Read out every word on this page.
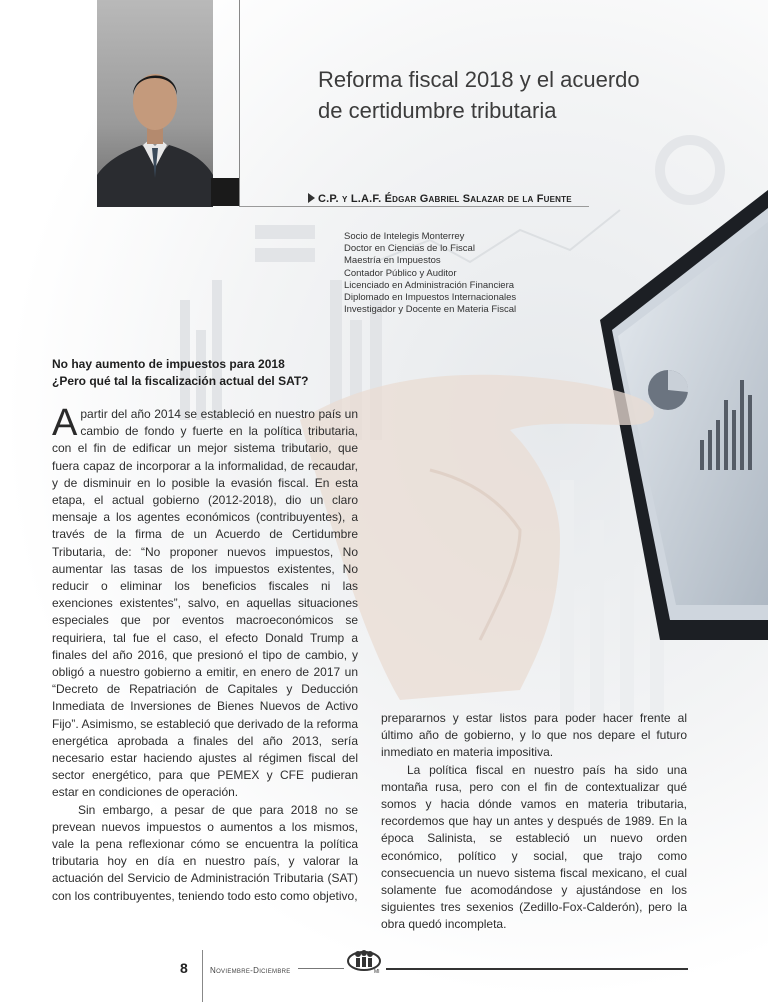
Reforma fiscal 2018 y el acuerdo
de certidumbre tributaria
C.P. y L.A.F. Édgar Gabriel Salazar de la Fuente
Socio de Intelegis Monterrey
Doctor en Ciencias de lo Fiscal
Maestría en Impuestos
Contador Público y Auditor
Licenciado en Administración Financiera
Diplomado en Impuestos Internacionales
Investigador y Docente en Materia Fiscal
No hay aumento de impuestos para 2018
¿Pero qué tal la fiscalización actual del SAT?

Apartir del año 2014 se estableció en nuestro país un cambio de fondo y fuerte en la política tributaria, con el fin de edificar un mejor sistema tributario, que fuera capaz de incorporar a la informalidad, de recaudar, y de disminuir en lo posible la evasión fiscal. En esta etapa, el actual gobierno (2012-2018), dio un claro mensaje a los agentes económicos (contribuyentes), a través de la firma de un Acuerdo de Certidumbre Tributaria, de: “No proponer nuevos impuestos, No aumentar las tasas de los impuestos existentes, No reducir o eliminar los beneficios fiscales ni las exenciones existentes”, salvo, en aquellas situaciones especiales que por eventos macroeconómicos se requiriera, tal fue el caso, el efecto Donald Trump a finales del año 2016, que presionó el tipo de cambio, y obligó a nuestro gobierno a emitir, en enero de 2017 un “Decreto de Repatriación de Capitales y Deducción Inmediata de Inversiones de Bienes Nuevos de Activo Fijo”. Asimismo, se estableció que derivado de la reforma energética aprobada a finales del año 2013, sería necesario estar haciendo ajustes al régimen fiscal del sector energético, para que PEMEX y CFE pudieran estar en condiciones de operación.

Sin embargo, a pesar de que para 2018 no se prevean nuevos impuestos o aumentos a los mismos, vale la pena reflexionar cómo se encuentra la política tributaria hoy en día en nuestro país, y valorar la actuación del Servicio de Administración Tributaria (SAT) con los contribuyentes, teniendo todo esto como objetivo,

prepararnos y estar listos para poder hacer frente al último año de gobierno, y lo que nos depare el futuro inmediato en materia impositiva.

La política fiscal en nuestro país ha sido una montaña rusa, pero con el fin de contextualizar qué somos y hacia dónde vamos en materia tributaria, recordemos que hay un antes y después de 1989. En la época Salinista, se estableció un nuevo orden económico, político y social, que trajo como consecuencia un nuevo sistema fiscal mexicano, el cual solamente fue acomodándose y ajustándose en los siguientes tres sexenios (Zedillo-Fox-Calderón), pero la obra quedó incompleta.

8	Noviembre-Diciembre	MI
